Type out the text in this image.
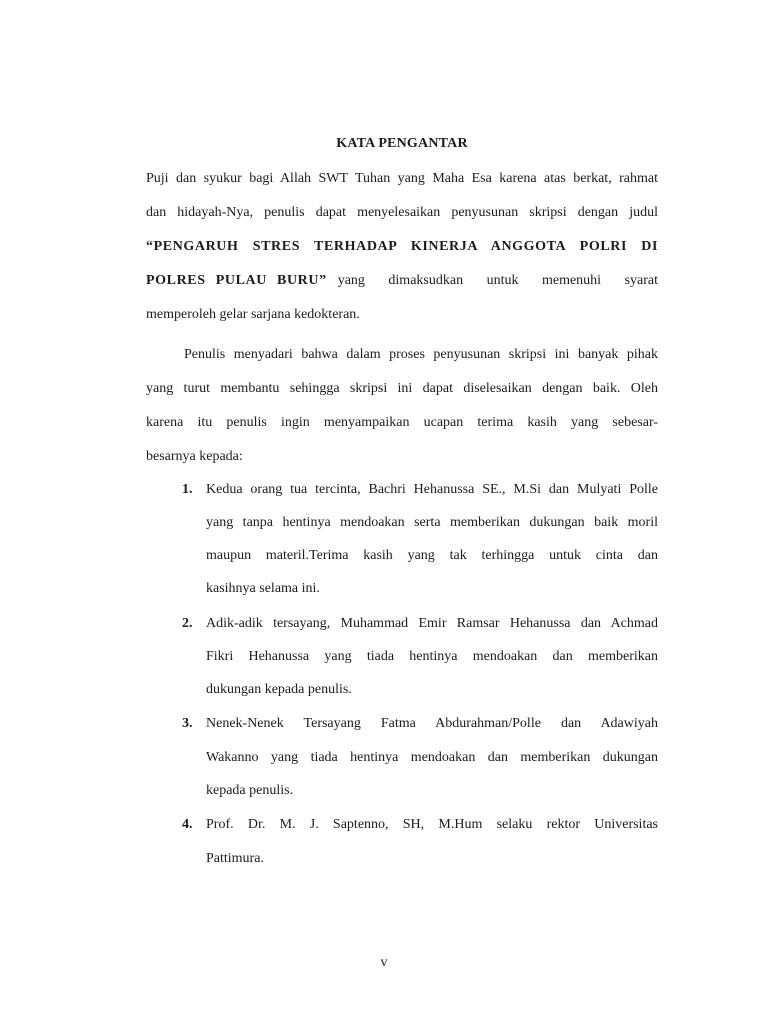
KATA PENGANTAR
Puji dan syukur bagi Allah SWT Tuhan yang Maha Esa karena atas berkat, rahmat
dan hidayah-Nya, penulis dapat menyelesaikan penyusunan skripsi dengan judul
“PENGARUH STRES TERHADAP KINERJA ANGGOTA POLRI DI
POLRES PULAU BURU” yang dimaksudkan untuk memenuhi syarat
memperoleh gelar sarjana kedokteran.
Penulis menyadari bahwa dalam proses penyusunan skripsi ini banyak pihak
yang turut membantu sehingga skripsi ini dapat diselesaikan dengan baik. Oleh
karena itu penulis ingin menyampaikan ucapan terima kasih yang sebesar-
besarnya kepada:
1. Kedua orang tua tercinta, Bachri Hehanussa SE., M.Si dan Mulyati Polle
yang tanpa hentinya mendoakan serta memberikan dukungan baik moril
maupun materil.Terima kasih yang tak terhingga untuk cinta dan
kasihnya selama ini.
2. Adik-adik tersayang, Muhammad Emir Ramsar Hehanussa dan Achmad
Fikri Hehanussa yang tiada hentinya mendoakan dan memberikan
dukungan kepada penulis.
3. Nenek-Nenek Tersayang Fatma Abdurahman/Polle dan Adawiyah
Wakanno yang tiada hentinya mendoakan dan memberikan dukungan
kepada penulis.
4. Prof. Dr. M. J. Saptenno, SH, M.Hum selaku rektor Universitas
Pattimura.
v
